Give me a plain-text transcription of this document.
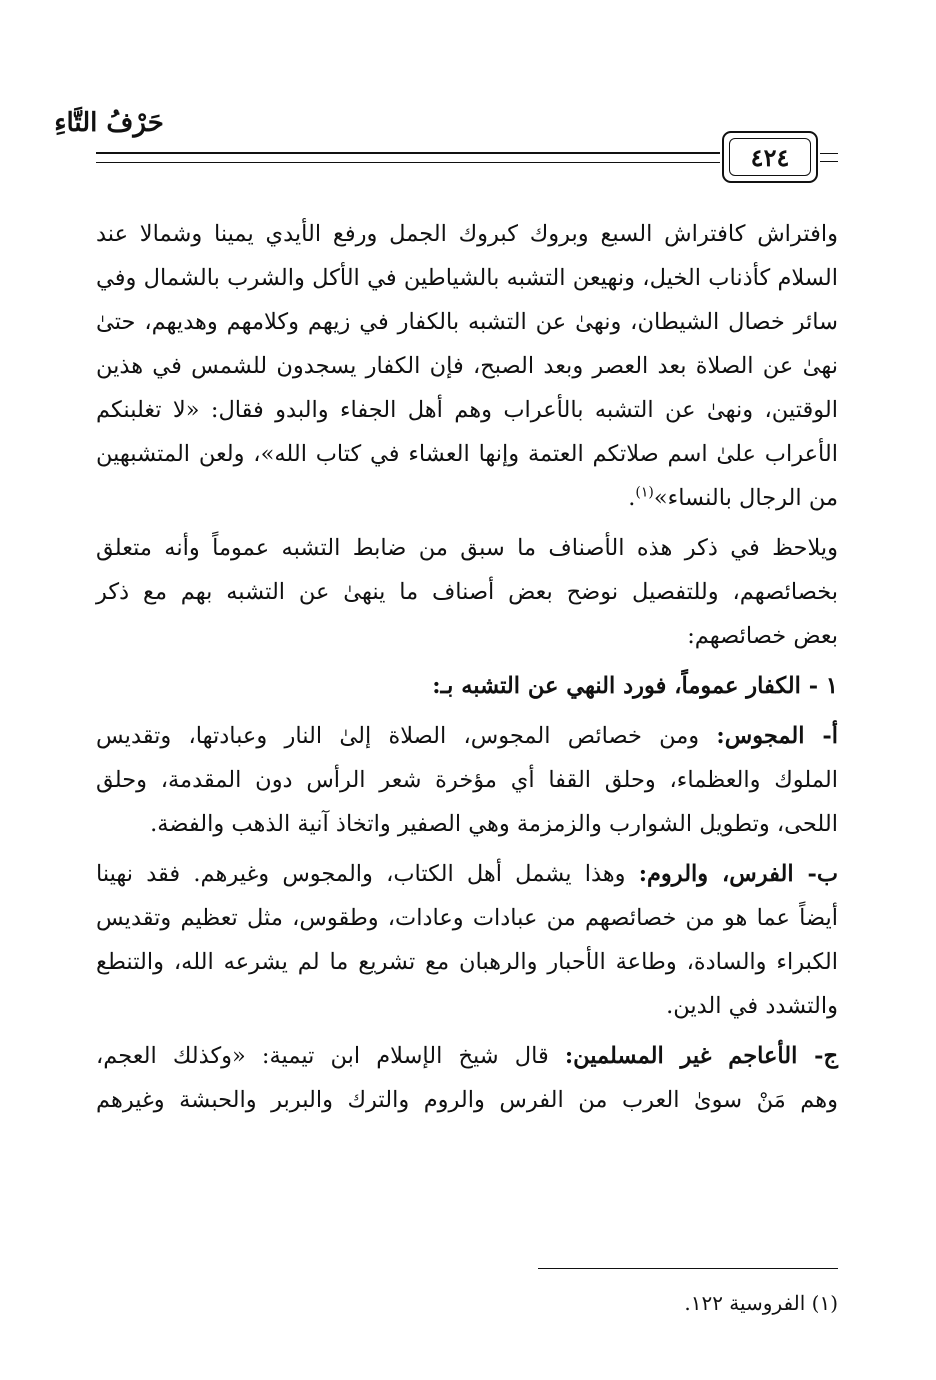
حَرْفُ التَّاءِ
٤٢٤
وافتراش كافتراش السبع وبروك كبروك الجمل ورفع الأيدي يمينا وشمالا عند
السلام كأذناب الخيل، ونهيعن التشبه بالشياطين في الأكل والشرب بالشمال وفي
سائر خصال الشيطان، ونهىٰ عن التشبه بالكفار في زيهم وكلامهم وهديهم، حتىٰ
نهىٰ عن الصلاة بعد العصر وبعد الصبح، فإن الكفار يسجدون للشمس في هذين
الوقتين، ونهىٰ عن التشبه بالأعراب وهم أهل الجفاء والبدو فقال: «لا تغلبنكم
الأعراب علىٰ اسم صلاتكم العتمة وإنها العشاء في كتاب الله»، ولعن المتشبهين
من الرجال بالنساء»$^{(١)}$.
ويلاحظ في ذكر هذه الأصناف ما سبق من ضابط التشبه عموماً وأنه متعلق
بخصائصهم، وللتفصيل نوضح بعض أصناف ما ينهىٰ عن التشبه بهم مع ذكر
بعض خصائصهم:
١ - الكفار عموماً، فورد النهي عن التشبه بـ:
أ- المجوس: ومن خصائص المجوس، الصلاة إلىٰ النار وعبادتها، وتقديس
الملوك والعظماء، وحلق القفا أي مؤخرة شعر الرأس دون المقدمة، وحلق
اللحى، وتطويل الشوارب والزمزمة وهي الصفير واتخاذ آنية الذهب والفضة.
ب- الفرس، والروم: وهذا يشمل أهل الكتاب، والمجوس وغيرهم. فقد نهينا
أيضاً عما هو من خصائصهم من عبادات وعادات، وطقوس، مثل تعظيم وتقديس
الكبراء والسادة، وطاعة الأحبار والرهبان مع تشريع ما لم يشرعه الله، والتنطع
والتشدد في الدين.
ج- الأعاجم غير المسلمين: قال شيخ الإسلام ابن تيمية: «وكذلك العجم،
وهم مَنْ سوىٰ العرب من الفرس والروم والترك والبربر والحبشة وغيرهم
(١) الفروسية ١٢٢.
